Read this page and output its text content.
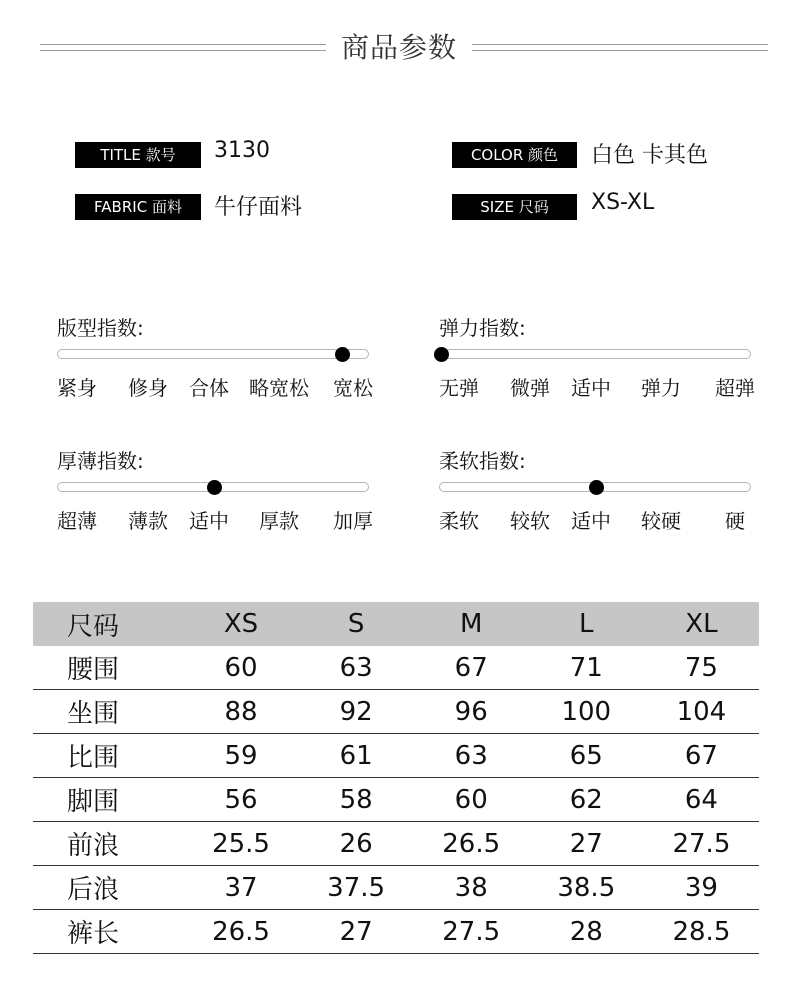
商品参数
TITLE 款号	3130
FABRIC 面料	牛仔面料
COLOR 颜色	白色 卡其色
SIZE 尺码	XS-XL
版型指数:
紧身 修身 合体 略宽松 宽松
弹力指数:
无弹 微弹 适中 弹力 超弹
厚薄指数:
超薄 薄款 适中 厚款 加厚
柔软指数:
柔软 较软 适中 较硬 硬
尺码	XS	S	M	L	XL
腰围	60	63	67	71	75
坐围	88	92	96	100	104
比围	59	61	63	65	67
脚围	56	58	60	62	64
前浪	25.5	26	26.5	27	27.5
后浪	37	37.5	38	38.5	39
裤长	26.5	27	27.5	28	28.5
